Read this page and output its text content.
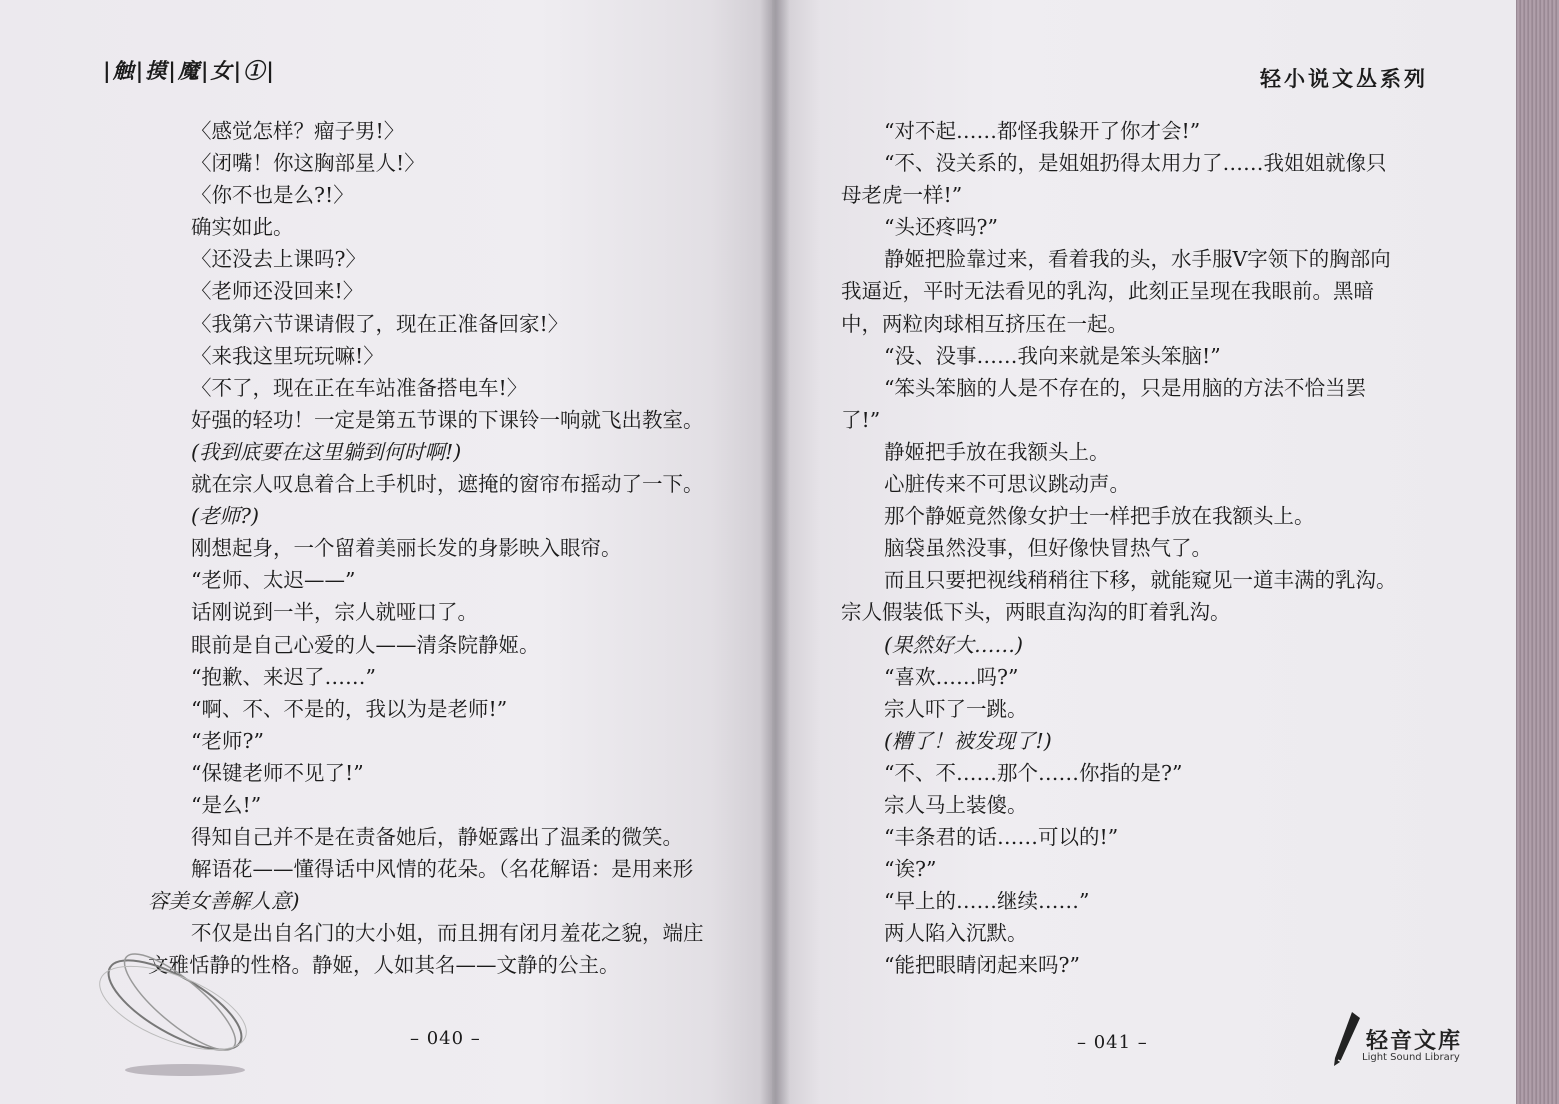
|触|摸|魔|女|①|	轻小说文丛系列
〈感觉怎样？瘤子男!〉
〈闭嘴！你这胸部星人!〉
〈你不也是么?!〉
确实如此。
〈还没去上课吗?〉
〈老师还没回来!〉
〈我第六节课请假了，现在正准备回家!〉
〈来我这里玩玩嘛!〉
〈不了，现在正在车站准备搭电车!〉
好强的轻功！一定是第五节课的下课铃一响就飞出教室。
(我到底要在这里躺到何时啊!)
就在宗人叹息着合上手机时，遮掩的窗帘布摇动了一下。
(老师?)
刚想起身，一个留着美丽长发的身影映入眼帘。
“老师、太迟——”
话刚说到一半，宗人就哑口了。
眼前是自己心爱的人——清条院静姬。
“抱歉、来迟了……”
“啊、不、不是的，我以为是老师!”
“老师?”
“保键老师不见了!”
“是么!”
得知自己并不是在责备她后，静姬露出了温柔的微笑。
解语花——懂得话中风情的花朵。（名花解语：是用来形
容美女善解人意)
不仅是出自名门的大小姐，而且拥有闭月羞花之貌，端庄
文雅恬静的性格。静姬，人如其名——文静的公主。
“对不起……都怪我躲开了你才会!”
“不、没关系的，是姐姐扔得太用力了……我姐姐就像只
母老虎一样!”
“头还疼吗?”
静姬把脸靠过来，看着我的头，水手服V字领下的胸部向
我逼近，平时无法看见的乳沟，此刻正呈现在我眼前。黑暗
中，两粒肉球相互挤压在一起。
“没、没事……我向来就是笨头笨脑!”
“笨头笨脑的人是不存在的，只是用脑的方法不恰当罢
了!”
静姬把手放在我额头上。
心脏传来不可思议跳动声。
那个静姬竟然像女护士一样把手放在我额头上。
脑袋虽然没事，但好像快冒热气了。
而且只要把视线稍稍往下移，就能窥见一道丰满的乳沟。
宗人假装低下头，两眼直沟沟的盯着乳沟。
(果然好大……)
“喜欢……吗?”
宗人吓了一跳。
(糟了！被发现了!)
“不、不……那个……你指的是?”
宗人马上装傻。
“丰条君的话……可以的!”
“诶?”
“早上的……继续……”
两人陷入沉默。
“能把眼睛闭起来吗?”
– 040 –	– 041 –	轻音文库
Light Sound Library
